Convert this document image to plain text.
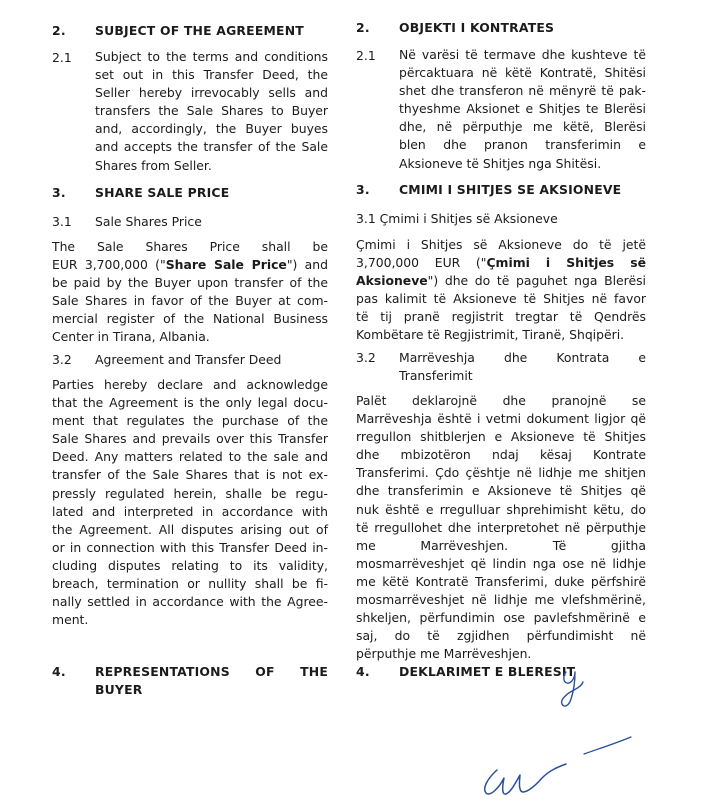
2. SUBJECT OF THE AGREEMENT
2.1 Subject to the terms and conditions
set out in this Transfer Deed, the
Seller hereby irrevocably sells and
transfers the Sale Shares to Buyer
and, accordingly, the Buyer buyes
and accepts the transfer of the Sale
Shares from Seller.
3. SHARE SALE PRICE
3.1 Sale Shares Price
The Sale Shares Price shall be
EUR 3,700,000 ("Share Sale Price") and
be paid by the Buyer upon transfer of the
Sale Shares in favor of the Buyer at com-
mercial register of the National Business
Center in Tirana, Albania.
3.2 Agreement and Transfer Deed
Parties hereby declare and acknowledge
that the Agreement is the only legal docu-
ment that regulates the purchase of the
Sale Shares and prevails over this Transfer
Deed. Any matters related to the sale and
transfer of the Sale Shares that is not ex-
pressly regulated herein, shalle be regu-
lated and interpreted in accordance with
the Agreement. All disputes arising out of
or in connection with this Transfer Deed in-
cluding disputes relating to its validity,
breach, termination or nullity shall be fi-
nally settled in accordance with the Agree-
ment.
4. REPRESENTATIONS OF THE
BUYER
2. OBJEKTI I KONTRATES
2.1 Në varësi të termave dhe kushteve të
përcaktuara në këtë Kontratë, Shitësi
shet dhe transferon në mënyrë të pak-
thyeshme Aksionet e Shitjes te Blerësi
dhe, në përputhje me këtë, Blerësi
blen dhe pranon transferimin e
Aksioneve të Shitjes nga Shitësi.
3. CMIMI I SHITJES SE AKSIONEVE
3.1 Çmimi i Shitjes së Aksioneve
Çmimi i Shitjes së Aksioneve do të jetë
3,700,000 EUR ("Çmimi i Shitjes së
Aksioneve") dhe do të paguhet nga Blerësi
pas kalimit të Aksioneve të Shitjes në favor
të tij pranë regjistrit tregtar të Qendrës
Kombëtare të Regjistrimit, Tiranë, Shqipëri.
3.2 Marrëveshja dhe Kontrata e
Transferimit
Palët deklarojnë dhe pranojnë se
Marrëveshja është i vetmi dokument ligjor që
rregullon shitblerjen e Aksioneve të Shitjes
dhe mbizotëron ndaj kësaj Kontrate
Transferimi. Çdo çështje në lidhje me shitjen
dhe transferimin e Aksioneve të Shitjes që
nuk është e rregulluar shprehimisht këtu, do
të rregullohet dhe interpretohet në përputhje
me Marrëveshjen. Të gjitha
mosmarrëveshjet që lindin nga ose në lidhje
me këtë Kontratë Transferimi, duke përfshirë
mosmarrëveshjet në lidhje me vlefshmërinë,
shkeljen, përfundimin ose pavlefshmërinë e
saj, do të zgjidhen përfundimisht në
përputhje me Marrëveshjen.
4. DEKLARIMET E BLERESIT
